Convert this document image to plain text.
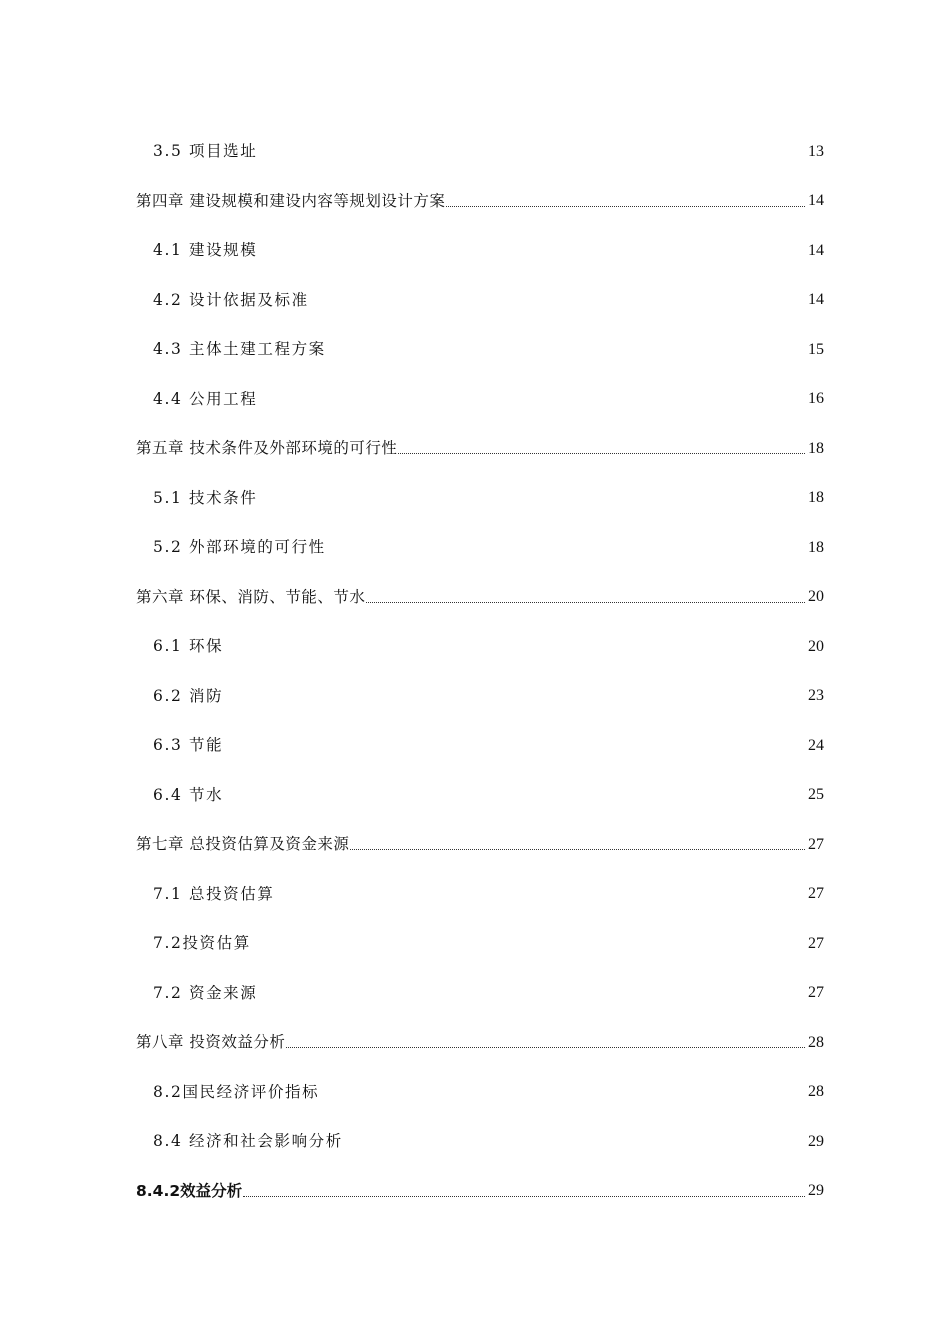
3.5 项目选址	13
第四章 建设规模和建设内容等规划设计方案	14
4.1 建设规模	14
4.2 设计依据及标准	14
4.3 主体土建工程方案	15
4.4 公用工程	16
第五章 技术条件及外部环境的可行性	18
5.1 技术条件	18
5.2 外部环境的可行性	18
第六章 环保、消防、节能、节水	20
6.1 环保	20
6.2 消防	23
6.3 节能	24
6.4 节水	25
第七章 总投资估算及资金来源	27
7.1 总投资估算	27
7.2投资估算	27
7.2 资金来源	27
第八章 投资效益分析	28
8.2国民经济评价指标	28
8.4 经济和社会影响分析	29
8.4.2效益分析	29
